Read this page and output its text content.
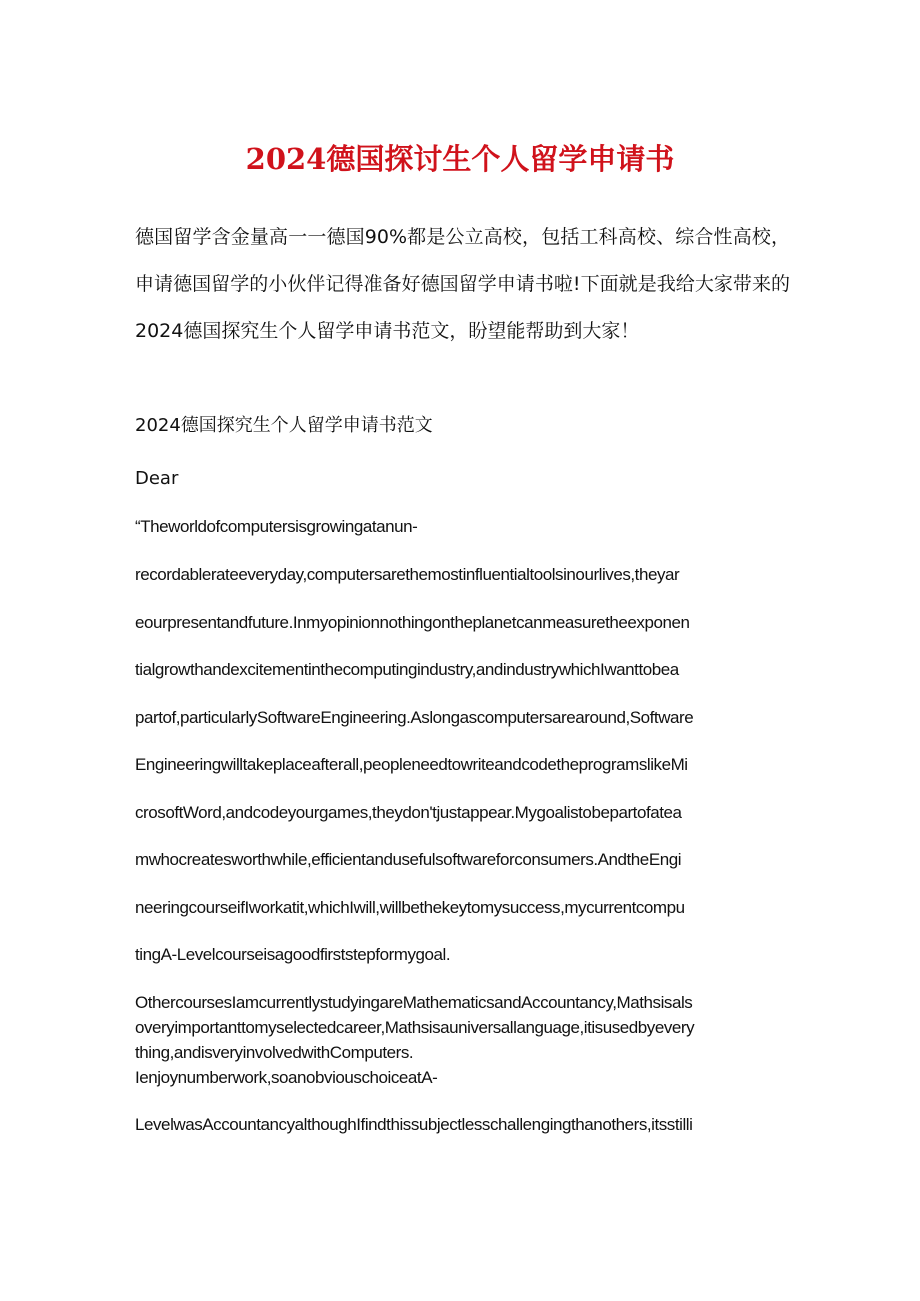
2024德国探讨生个人留学申请书
德国留学含金量高一一德国90%都是公立高校，包括工科高校、综合性高校，申请德国留学的小伙伴记得准备好德国留学申请书啦!下面就是我给大家带来的2024德国探究生个人留学申请书范文，盼望能帮助到大家！
2024德国探究生个人留学申请书范文
Dear
“Theworldofcomputersisgrowingatanun-
recordablerateeveryday,computersarethemostinfluentialtoolsinourlives,theyar
eourpresentandfuture.Inmyopinionnothingontheplanetcanmeasuretheexponen
tialgrowthandexcitementinthecomputingindustry,andindustrywhichIwanttobea
partof,particularlySoftwareEngineering.Aslongascomputersarearound,Software
Engineeringwilltakeplaceafterall,peopleneedtowriteandcodetheprogramslikeMi
crosoftWord,andcodeyourgames,theydon'tjustappear.Mygoalistobepartofatea
mwhocreatesworthwhile,efficientandusefulsoftwareforconsumers.AndtheEngi
neeringcourseifIworkatit,whichIwill,willbethekeytomysuccess,mycurrentcompu
tingA-Levelcourseisagoodfirststepformygoal.
OthercoursesIamcurrentlystudyingareMathematicsandAccountancy,Mathsisals
overyimportanttomyselectedcareer,Mathsisauniversallanguage,itisusedbyevery
thing,andisveryinvolvedwithComputers.
Ienjoynumberwork,soanobviouschoiceatA-
LevelwasAccountancyalthoughIfindthissubjectlesschallengingthanothers,itsstilli
